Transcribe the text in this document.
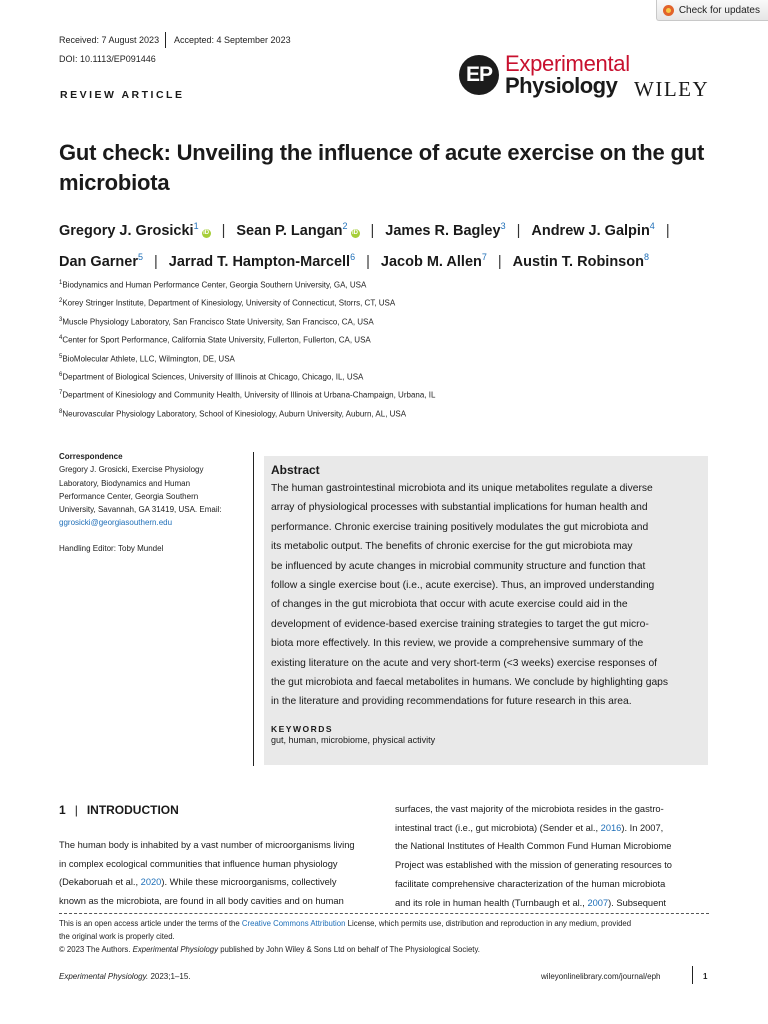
Check for updates
Received: 7 August 2023 Accepted: 4 September 2023
DOI: 10.1113/EP091446
EP Experimental
Physiology WILEY
REVIEW ARTICLE
Gut check: Unveiling the influence of acute exercise on the gut
microbiota
Gregory J. Grosicki$^1$iD | Sean P. Langan$^2$iD | James R. Bagley$^3$ | Andrew J. Galpin$^4$ |
Dan Garner$^5$ | Jarrad T. Hampton-Marcell$^6$ | Jacob M. Allen$^7$ | Austin T. Robinson$^8$
$^1$Biodynamics and Human Performance Center, Georgia Southern University, GA, USA
$^2$Korey Stringer Institute, Department of Kinesiology, University of Connecticut, Storrs, CT, USA
$^3$Muscle Physiology Laboratory, San Francisco State University, San Francisco, CA, USA
$^4$Center for Sport Performance, California State University, Fullerton, Fullerton, CA, USA
$^5$BioMolecular Athlete, LLC, Wilmington, DE, USA
$^6$Department of Biological Sciences, University of Illinois at Chicago, Chicago, IL, USA
$^7$Department of Kinesiology and Community Health, University of Illinois at Urbana-Champaign, Urbana, IL
$^8$Neurovascular Physiology Laboratory, School of Kinesiology, Auburn University, Auburn, AL, USA
Correspondence
Gregory J. Grosicki, Exercise Physiology
Laboratory, Biodynamics and Human
Performance Center, Georgia Southern
University, Savannah, GA 31419, USA. Email:
ggrosicki@georgiasouthern.edu
Handling Editor: Toby Mundel
Abstract
The human gastrointestinal microbiota and its unique metabolites regulate a diverse
array of physiological processes with substantial implications for human health and
performance. Chronic exercise training positively modulates the gut microbiota and
its metabolic output. The benefits of chronic exercise for the gut microbiota may
be influenced by acute changes in microbial community structure and function that
follow a single exercise bout (i.e., acute exercise). Thus, an improved understanding
of changes in the gut microbiota that occur with acute exercise could aid in the
development of evidence-based exercise training strategies to target the gut micro-
biota more effectively. In this review, we provide a comprehensive summary of the
existing literature on the acute and very short-term (<3 weeks) exercise responses of
the gut microbiota and faecal metabolites in humans. We conclude by highlighting gaps
in the literature and providing recommendations for future research in this area.
KEYWORDS
gut, human, microbiome, physical activity
1 | INTRODUCTION
The human body is inhabited by a vast number of microorganisms living
in complex ecological communities that influence human physiology
(Dekaboruah et al., 2020). While these microorganisms, collectively
known as the microbiota, are found in all body cavities and on human
surfaces, the vast majority of the microbiota resides in the gastro-
intestinal tract (i.e., gut microbiota) (Sender et al., 2016). In 2007,
the National Institutes of Health Common Fund Human Microbiome
Project was established with the mission of generating resources to
facilitate comprehensive characterization of the human microbiota
and its role in human health (Turnbaugh et al., 2007). Subsequent
This is an open access article under the terms of the Creative Commons Attribution License, which permits use, distribution and reproduction in any medium, provided
the original work is properly cited.
© 2023 The Authors. Experimental Physiology published by John Wiley & Sons Ltd on behalf of The Physiological Society.
Experimental Physiology. 2023;1–15.	wileyonlinelibrary.com/journal/eph	1
